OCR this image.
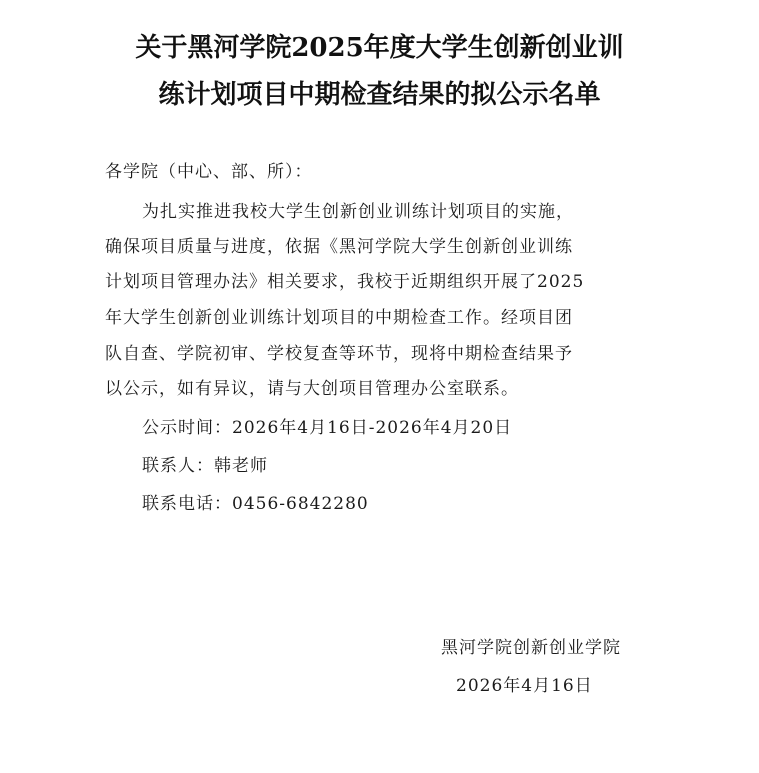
关于黑河学院2025年度大学生创新创业训
练计划项目中期检查结果的拟公示名单
各学院（中心、部、所）：
为扎实推进我校大学生创新创业训练计划项目的实施，
确保项目质量与进度，依据《黑河学院大学生创新创业训练
计划项目管理办法》相关要求，我校于近期组织开展了2025
年大学生创新创业训练计划项目的中期检查工作。经项目团
队自查、学院初审、学校复查等环节，现将中期检查结果予
以公示，如有异议，请与大创项目管理办公室联系。
公示时间：2026年4月16日-2026年4月20日
联系人：韩老师
联系电话：0456-6842280
黑河学院创新创业学院
2026年4月16日
